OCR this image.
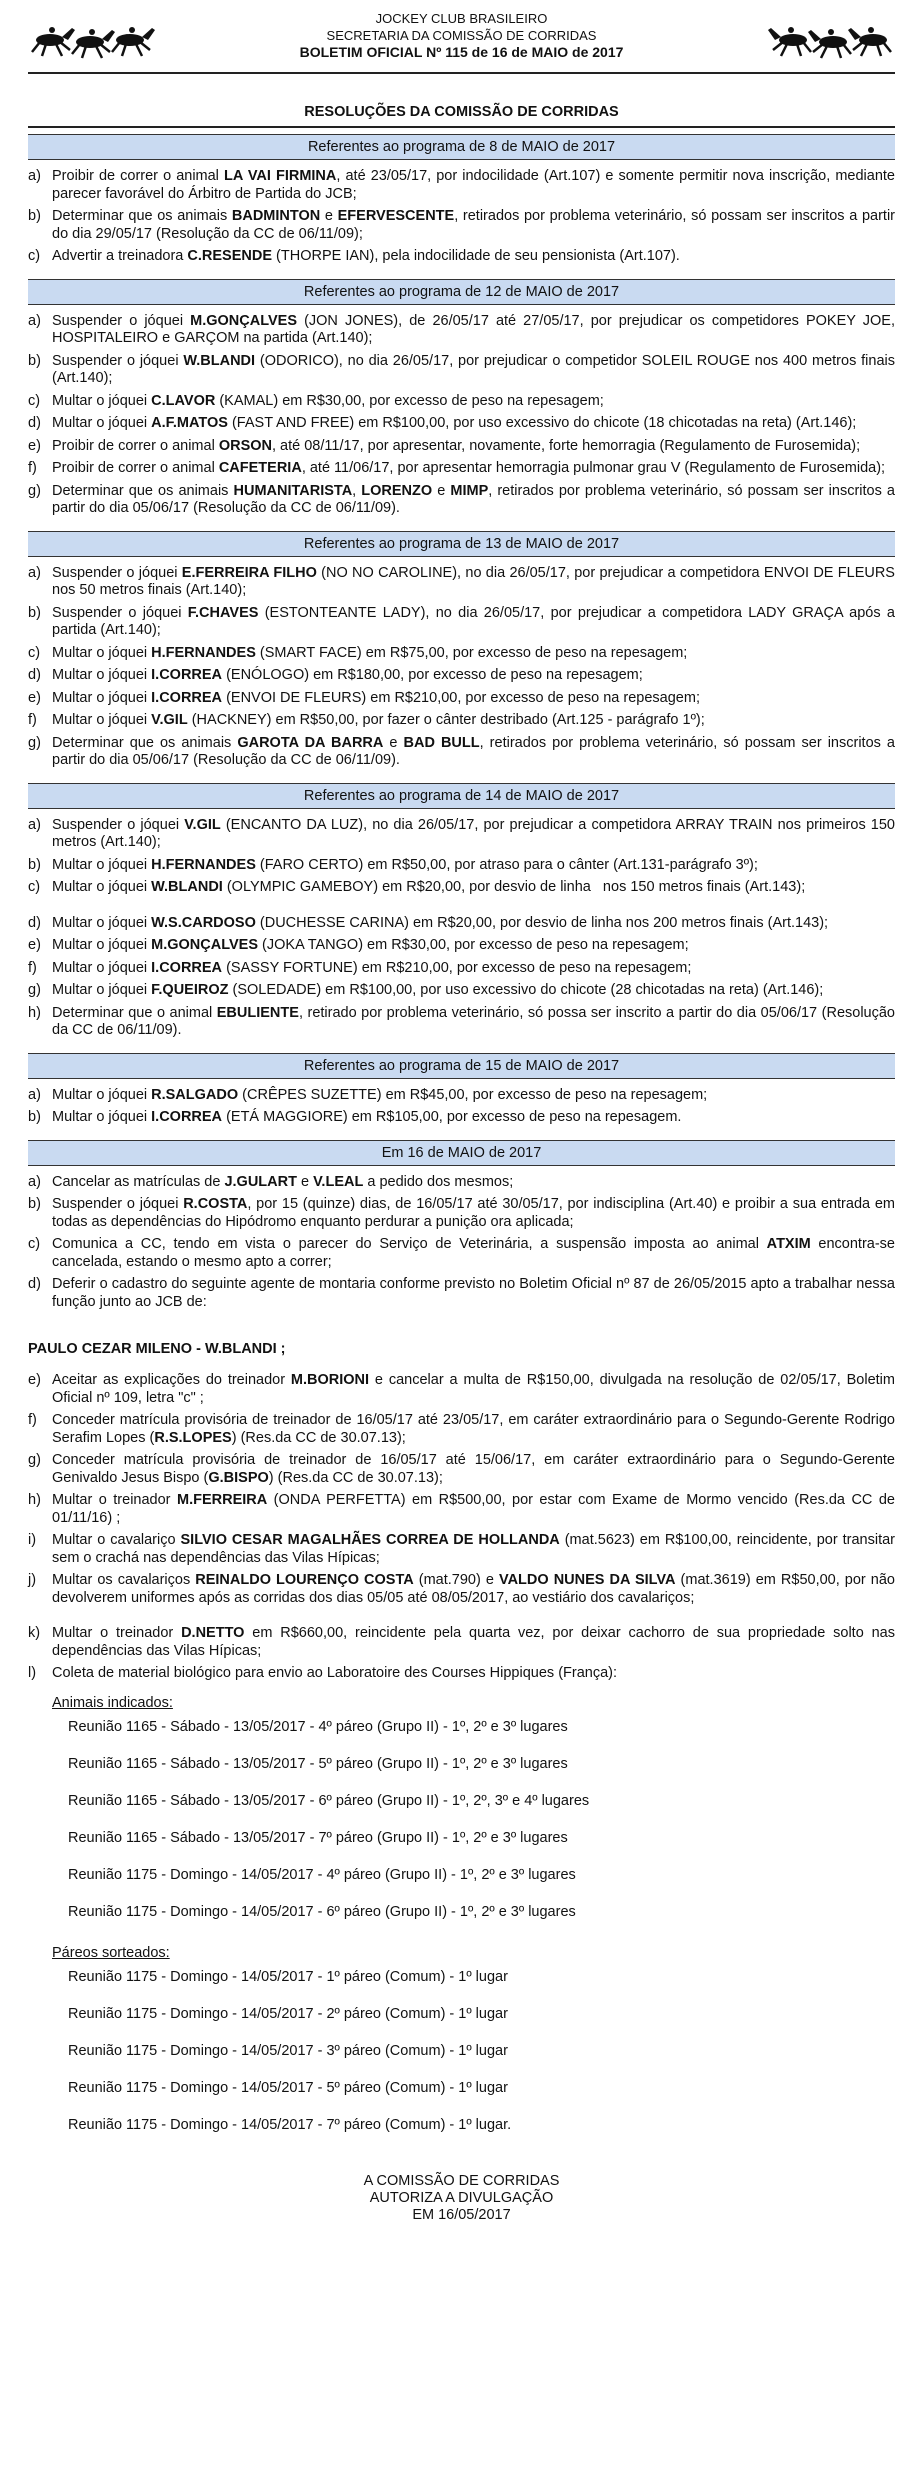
JOCKEY CLUB BRASILEIRO
SECRETARIA DA COMISSÃO DE CORRIDAS
BOLETIM OFICIAL Nº 115 de 16 de MAIO de 2017
RESOLUÇÕES DA COMISSÃO DE CORRIDAS
Referentes ao programa de 8 de MAIO de 2017
a) Proibir de correr o animal LA VAI FIRMINA, até 23/05/17, por indocilidade (Art.107) e somente permitir nova inscrição, mediante parecer favorável do Árbitro de Partida do JCB;
b) Determinar que os animais BADMINTON e EFERVESCENTE, retirados por problema veterinário, só possam ser inscritos a partir do dia 29/05/17 (Resolução da CC de 06/11/09);
c) Advertir a treinadora C.RESENDE (THORPE IAN), pela indocilidade de seu pensionista (Art.107).
Referentes ao programa de 12 de MAIO de 2017
a) Suspender o jóquei M.GONÇALVES (JON JONES), de 26/05/17 até 27/05/17, por prejudicar os competidores POKEY JOE, HOSPITALEIRO e GARÇOM na partida (Art.140);
b) Suspender o jóquei W.BLANDI (ODORICO), no dia 26/05/17, por prejudicar o competidor SOLEIL ROUGE nos 400 metros finais (Art.140);
c) Multar o jóquei C.LAVOR (KAMAL) em R$30,00, por excesso de peso na repesagem;
d) Multar o jóquei A.F.MATOS (FAST AND FREE) em R$100,00, por uso excessivo do chicote (18 chicotadas na reta) (Art.146);
e) Proibir de correr o animal ORSON, até 08/11/17, por apresentar, novamente, forte hemorragia (Regulamento de Furosemida);
f)	Proibir de correr o animal CAFETERIA, até 11/06/17, por apresentar hemorragia pulmonar grau V (Regulamento de Furosemida);
g) Determinar que os animais HUMANITARISTA, LORENZO e MIMP, retirados por problema veterinário, só possam ser inscritos a partir do dia 05/06/17 (Resolução da CC de 06/11/09).
Referentes ao programa de 13 de MAIO de 2017
a) Suspender o jóquei E.FERREIRA FILHO (NO NO CAROLINE), no dia 26/05/17, por prejudicar a competidora ENVOI DE FLEURS nos 50 metros finais (Art.140);
b) Suspender o jóquei F.CHAVES (ESTONTEANTE LADY), no dia 26/05/17, por prejudicar a competidora LADY GRAÇA após a partida (Art.140);
c) Multar o jóquei H.FERNANDES (SMART FACE) em R$75,00, por excesso de peso na repesagem;
d) Multar o jóquei I.CORREA (ENÓLOGO) em R$180,00, por excesso de peso na repesagem;
e) Multar o jóquei I.CORREA (ENVOI DE FLEURS) em R$210,00, por excesso de peso na repesagem;
f)	Multar o jóquei V.GIL (HACKNEY) em R$50,00, por fazer o cânter destribado (Art.125 - parágrafo 1º);
g) Determinar que os animais GAROTA DA BARRA e BAD BULL, retirados por problema veterinário, só possam ser inscritos a partir do dia 05/06/17 (Resolução da CC de 06/11/09).
Referentes ao programa de 14 de MAIO de 2017
a) Suspender o jóquei V.GIL (ENCANTO DA LUZ), no dia 26/05/17, por prejudicar a competidora ARRAY TRAIN nos primeiros 150 metros (Art.140);
b) Multar o jóquei H.FERNANDES (FARO CERTO) em R$50,00, por atraso para o cânter (Art.131-parágrafo 3º);
c) Multar o jóquei W.BLANDI (OLYMPIC GAMEBOY) em R$20,00, por desvio de linha   nos 150 metros finais (Art.143);
d) Multar o jóquei W.S.CARDOSO (DUCHESSE CARINA) em R$20,00, por desvio de linha nos 200 metros finais (Art.143);
e) Multar o jóquei M.GONÇALVES (JOKA TANGO) em R$30,00, por excesso de peso na repesagem;
f)	Multar o jóquei I.CORREA (SASSY FORTUNE) em R$210,00, por excesso de peso na repesagem;
g) Multar o jóquei F.QUEIROZ (SOLEDADE) em R$100,00, por uso excessivo do chicote (28 chicotadas na reta) (Art.146);
h) Determinar que o animal EBULIENTE, retirado por problema veterinário, só possa ser inscrito a partir do dia 05/06/17 (Resolução da CC de 06/11/09).
Referentes ao programa de 15 de MAIO de 2017
a) Multar o jóquei R.SALGADO (CRÊPES SUZETTE) em R$45,00, por excesso de peso na repesagem;
b) Multar o jóquei I.CORREA (ETÁ MAGGIORE) em R$105,00, por excesso de peso na repesagem.
Em 16 de MAIO de 2017
a) Cancelar as matrículas de J.GULART e V.LEAL a pedido dos mesmos;
b) Suspender o jóquei R.COSTA, por 15 (quinze) dias, de 16/05/17 até 30/05/17, por indisciplina (Art.40) e proibir a sua entrada em todas as dependências do Hipódromo enquanto perdurar a punição ora aplicada;
c) Comunica a CC, tendo em vista o parecer do Serviço de Veterinária, a suspensão imposta ao animal ATXIM encontra-se cancelada, estando o mesmo apto a correr;
d) Deferir o cadastro do seguinte agente de montaria conforme previsto no Boletim Oficial nº 87 de 26/05/2015 apto a trabalhar nessa função junto ao JCB de:
PAULO CEZAR MILENO - W.BLANDI ;
e) Aceitar as explicações do treinador M.BORIONI e cancelar a multa de R$150,00, divulgada na resolução de 02/05/17, Boletim Oficial nº 109, letra "c" ;
f)	Conceder matrícula provisória de treinador de 16/05/17 até 23/05/17, em caráter extraordinário para o Segundo-Gerente Rodrigo Serafim Lopes (R.S.LOPES) (Res.da CC de 30.07.13);
g) Conceder matrícula provisória de treinador de 16/05/17 até 15/06/17, em caráter extraordinário para o Segundo-Gerente Genivaldo Jesus Bispo (G.BISPO) (Res.da CC de 30.07.13);
h) Multar o treinador M.FERREIRA (ONDA PERFETTA) em R$500,00, por estar com Exame de Mormo vencido (Res.da CC de 01/11/16) ;
i)	Multar o cavalariço SILVIO CESAR MAGALHÃES CORREA DE HOLLANDA (mat.5623) em R$100,00, reincidente, por transitar sem o crachá nas dependências das Vilas Hípicas;
j)	Multar os cavalariços REINALDO LOURENÇO COSTA (mat.790) e VALDO NUNES DA SILVA (mat.3619) em R$50,00, por não devolverem uniformes após as corridas dos dias 05/05 até 08/05/2017, ao vestiário dos cavalariços;
k) Multar o treinador D.NETTO em R$660,00, reincidente pela quarta vez, por deixar cachorro de sua propriedade solto nas dependências das Vilas Hípicas;
l)	Coleta de material biológico para envio ao Laboratoire des Courses Hippiques (França):
Animais indicados:
Reunião 1165 - Sábado - 13/05/2017 - 4º páreo (Grupo II) - 1º, 2º e 3º lugares
Reunião 1165 - Sábado - 13/05/2017 - 5º páreo (Grupo II) - 1º, 2º e 3º lugares
Reunião 1165 - Sábado - 13/05/2017 - 6º páreo (Grupo II) - 1º, 2º, 3º e 4º lugares
Reunião 1165 - Sábado - 13/05/2017 - 7º páreo (Grupo II) - 1º, 2º e 3º lugares
Reunião 1175 - Domingo - 14/05/2017 - 4º páreo (Grupo II) - 1º, 2º e 3º lugares
Reunião 1175 - Domingo - 14/05/2017 - 6º páreo (Grupo II) - 1º, 2º e 3º lugares
Páreos sorteados:
Reunião 1175 - Domingo - 14/05/2017 - 1º páreo (Comum) - 1º lugar
Reunião 1175 - Domingo - 14/05/2017 - 2º páreo (Comum) - 1º lugar
Reunião 1175 - Domingo - 14/05/2017 - 3º páreo (Comum) - 1º lugar
Reunião 1175 - Domingo - 14/05/2017 - 5º páreo (Comum) - 1º lugar
Reunião 1175 - Domingo - 14/05/2017 - 7º páreo (Comum) - 1º lugar.
A COMISSÃO DE CORRIDAS
AUTORIZA A DIVULGAÇÃO
EM 16/05/2017
